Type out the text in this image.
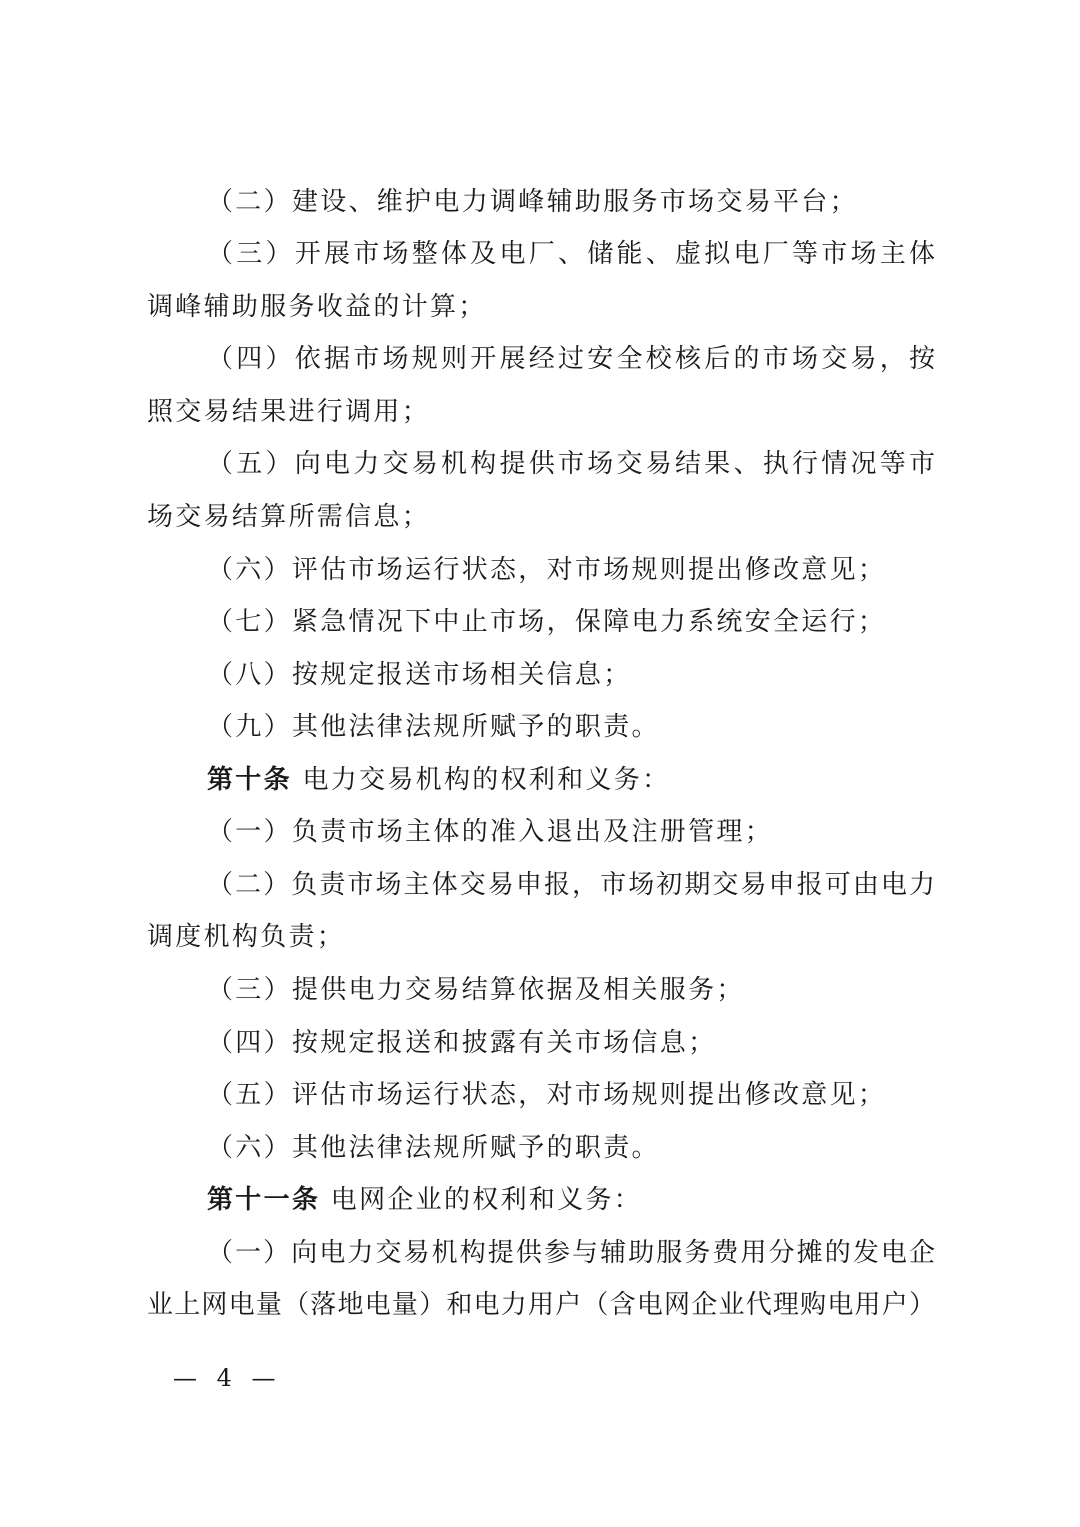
（二）建设、维护电力调峰辅助服务市场交易平台；
（三）开展市场整体及电厂、储能、虚拟电厂等市场主体
调峰辅助服务收益的计算；
（四）依据市场规则开展经过安全校核后的市场交易，按
照交易结果进行调用；
（五）向电力交易机构提供市场交易结果、执行情况等市
场交易结算所需信息；
（六）评估市场运行状态，对市场规则提出修改意见；
（七）紧急情况下中止市场，保障电力系统安全运行；
（八）按规定报送市场相关信息；
（九）其他法律法规所赋予的职责。
第十条 电力交易机构的权利和义务：
（一）负责市场主体的准入退出及注册管理；
（二）负责市场主体交易申报，市场初期交易申报可由电力
调度机构负责；
（三）提供电力交易结算依据及相关服务；
（四）按规定报送和披露有关市场信息；
（五）评估市场运行状态，对市场规则提出修改意见；
（六）其他法律法规所赋予的职责。
第十一条 电网企业的权利和义务：
（一）向电力交易机构提供参与辅助服务费用分摊的发电企
业上网电量（落地电量）和电力用户（含电网企业代理购电用户）
— 4 —
